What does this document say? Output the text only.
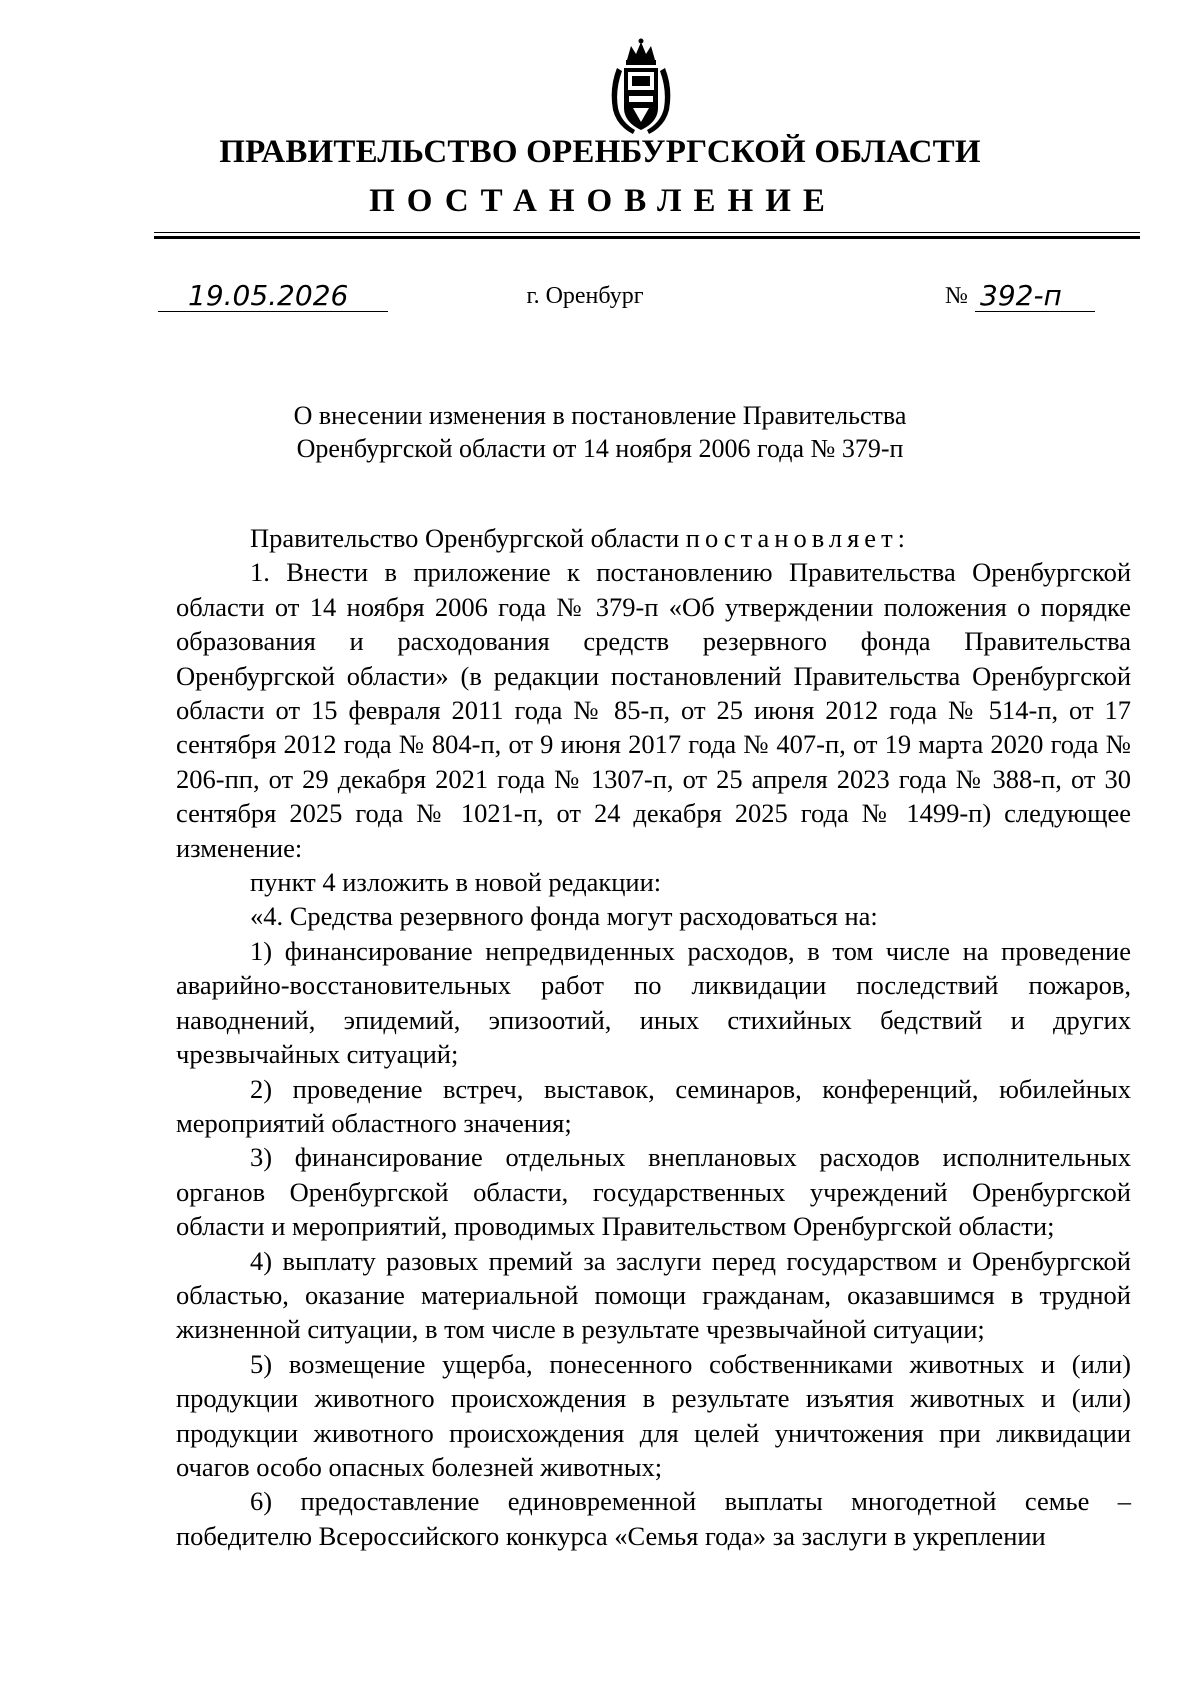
ПРАВИТЕЛЬСТВО ОРЕНБУРГСКОЙ ОБЛАСТИ
ПОСТАНОВЛЕНИЕ
19.05.2026	г. Оренбург	№ 392-п
О внесении изменения в постановление Правительства
Оренбургской области от 14 ноября 2006 года № 379-п

Правительство Оренбургской области постановляет:

1. Внести в приложение к постановлению Правительства Оренбургской области от 14 ноября 2006 года № 379-п «Об утверждении положения о порядке образования и расходования средств резервного фонда Правительства Оренбургской области» (в редакции постановлений Правительства Оренбургской области от 15 февраля 2011 года № 85-п, от 25 июня 2012 года № 514-п, от 17 сентября 2012 года № 804-п, от 9 июня 2017 года № 407-п, от 19 марта 2020 года № 206-пп, от 29 декабря 2021 года № 1307-п, от 25 апреля 2023 года № 388-п, от 30 сентября 2025 года № 1021-п, от 24 декабря 2025 года № 1499-п) следующее изменение:

пункт 4 изложить в новой редакции:

«4. Средства резервного фонда могут расходоваться на:

1) финансирование непредвиденных расходов, в том числе на проведение аварийно-восстановительных работ по ликвидации последствий пожаров, наводнений, эпидемий, эпизоотий, иных стихийных бедствий и других чрезвычайных ситуаций;

2) проведение встреч, выставок, семинаров, конференций, юбилейных мероприятий областного значения;

3) финансирование отдельных внеплановых расходов исполнительных органов Оренбургской области, государственных учреждений Оренбургской области и мероприятий, проводимых Правительством Оренбургской области;

4) выплату разовых премий за заслуги перед государством и Оренбургской областью, оказание материальной помощи гражданам, оказавшимся в трудной жизненной ситуации, в том числе в результате чрезвычайной ситуации;

5) возмещение ущерба, понесенного собственниками животных и (или) продукции животного происхождения в результате изъятия животных и (или) продукции животного происхождения для целей уничтожения при ликвидации очагов особо опасных болезней животных;

6) предоставление единовременной выплаты многодетной семье – победителю Всероссийского конкурса «Семья года» за заслуги в укреплении
